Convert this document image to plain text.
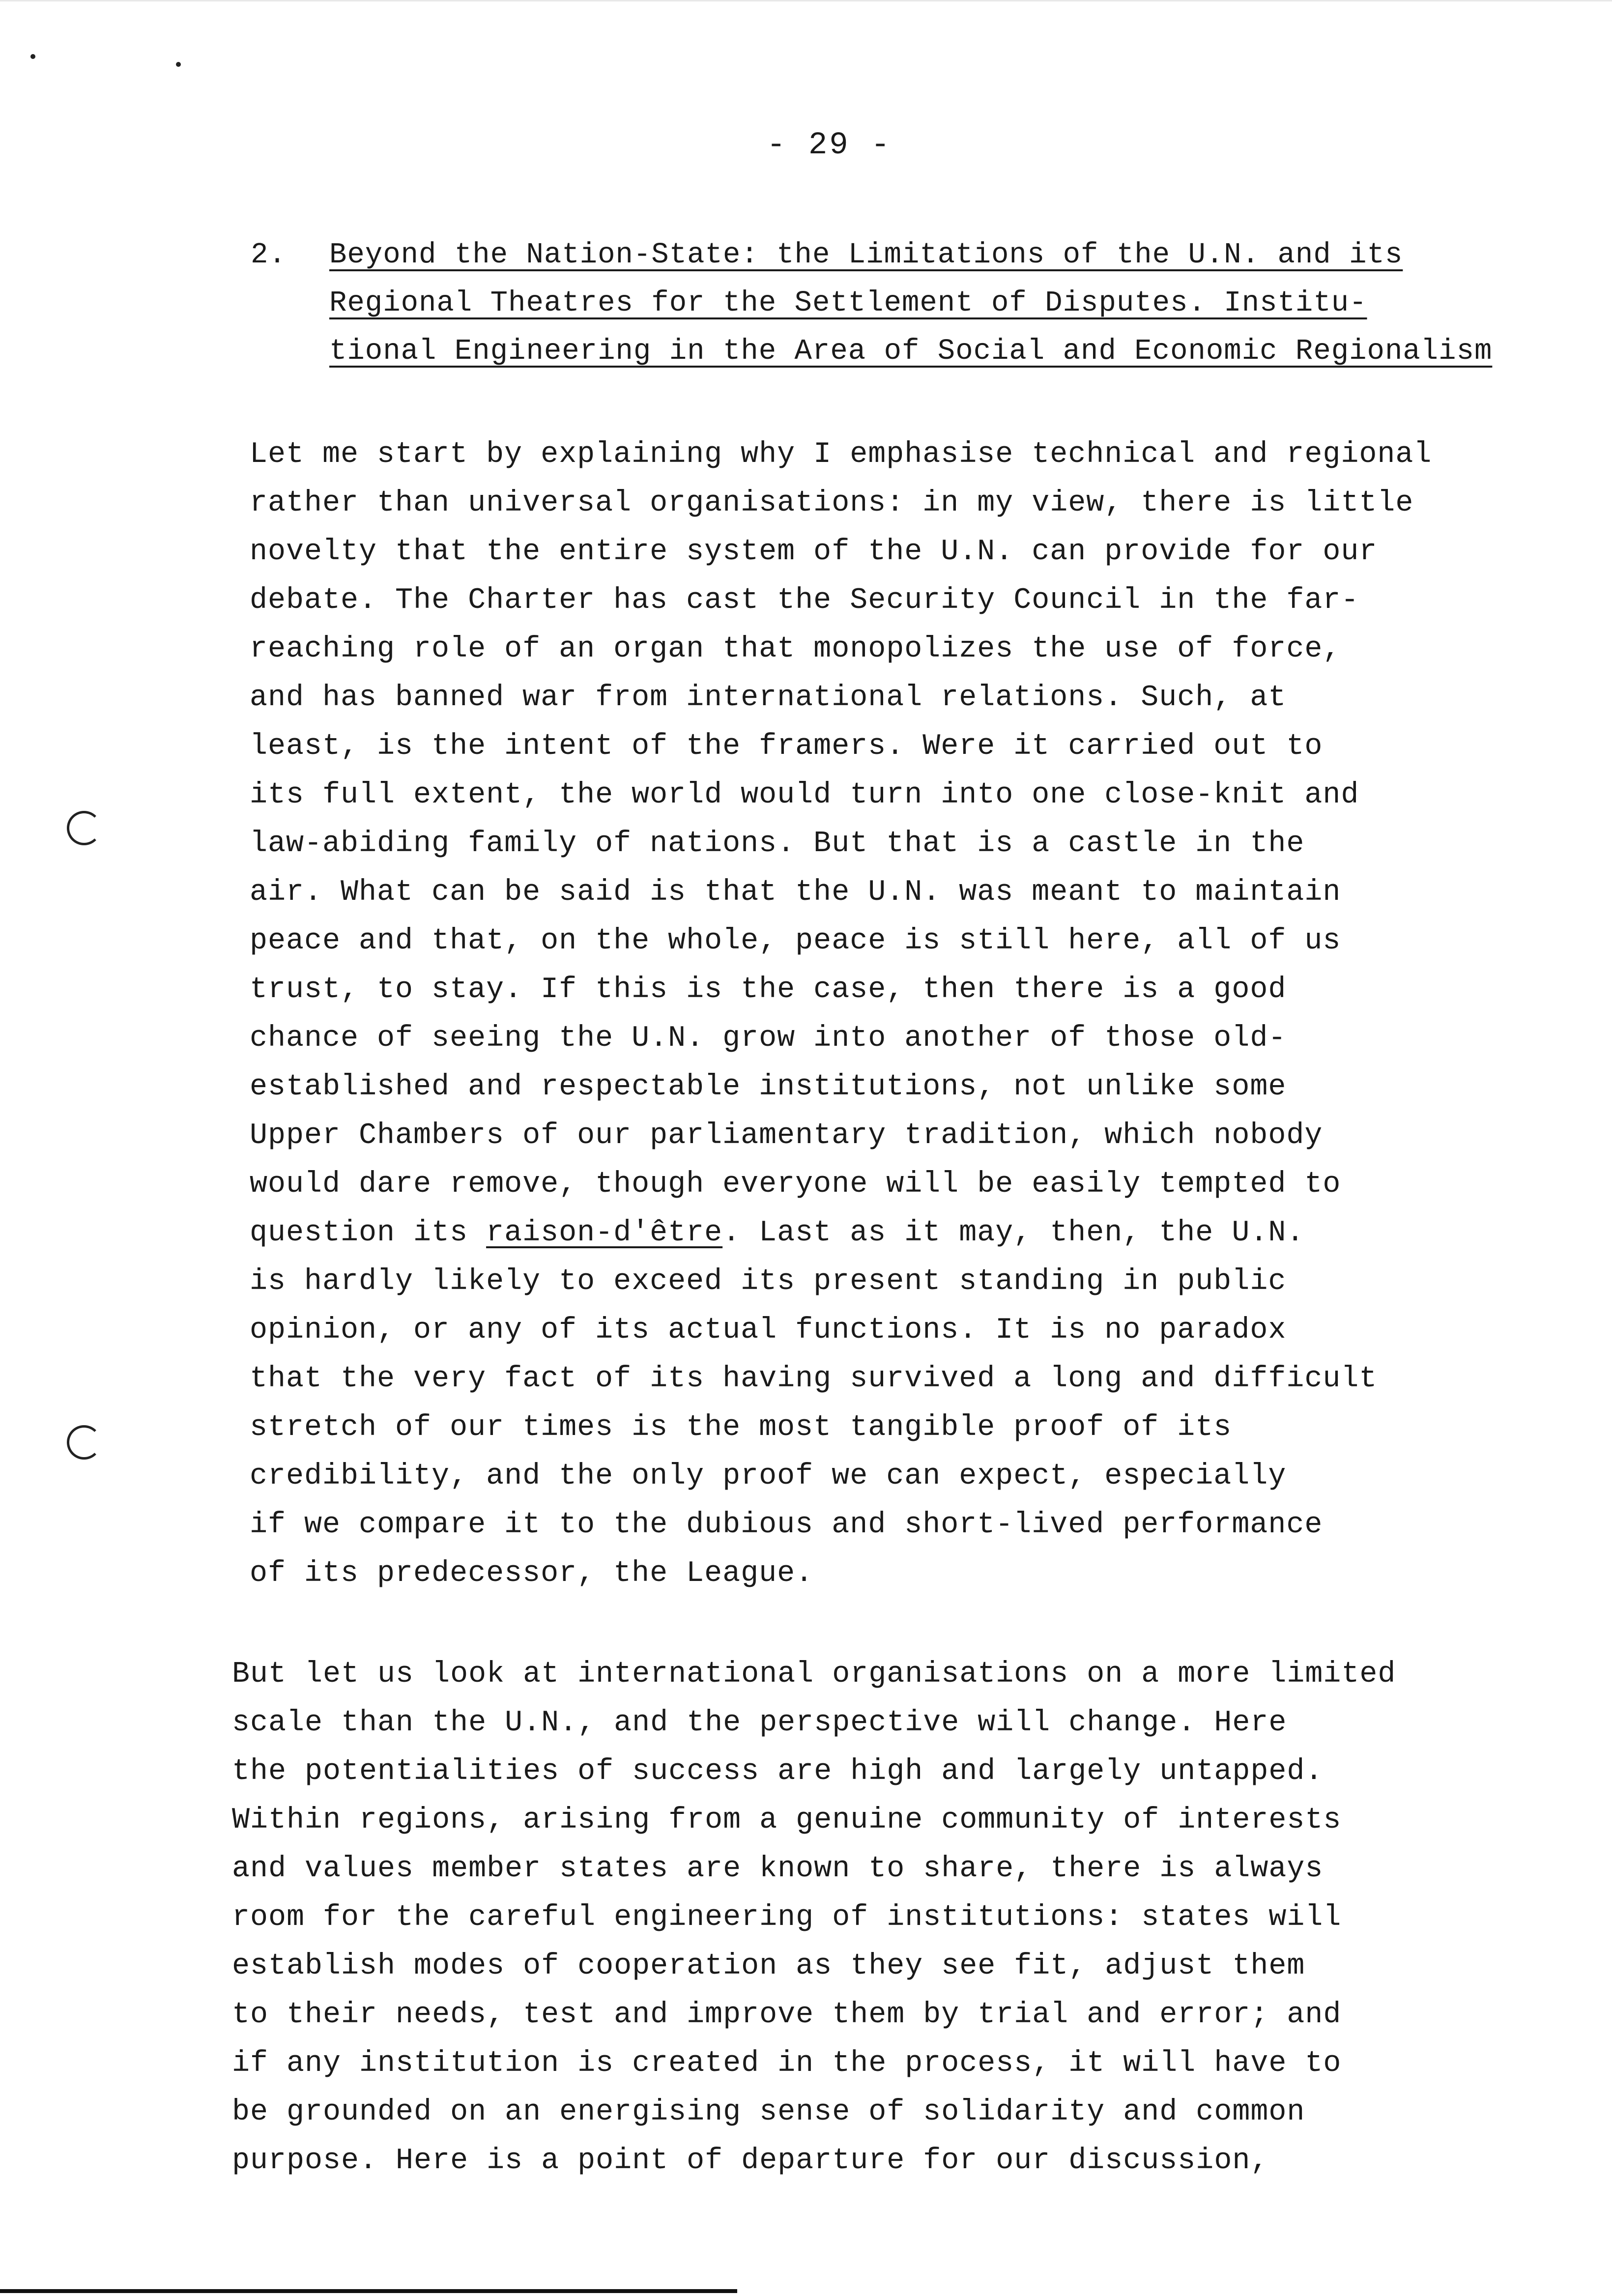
- 29 -
2. Beyond the Nation-State: the Limitations of the U.N. and its
Regional Theatres for the Settlement of Disputes. Institu-
tional Engineering in the Area of Social and Economic Regionalism
Let me start by explaining why I emphasise technical and regional
rather than universal organisations: in my view, there is little
novelty that the entire system of the U.N. can provide for our
debate. The Charter has cast the Security Council in the far-
reaching role of an organ that monopolizes the use of force,
and has banned war from international relations. Such, at
least, is the intent of the framers. Were it carried out to
its full extent, the world would turn into one close-knit and
law-abiding family of nations. But that is a castle in the
air. What can be said is that the U.N. was meant to maintain
peace and that, on the whole, peace is still here, all of us
trust, to stay. If this is the case, then there is a good
chance of seeing the U.N. grow into another of those old-
established and respectable institutions, not unlike some
Upper Chambers of our parliamentary tradition, which nobody
would dare remove, though everyone will be easily tempted to
question its raison-d'être. Last as it may, then, the U.N.
is hardly likely to exceed its present standing in public
opinion, or any of its actual functions. It is no paradox
that the very fact of its having survived a long and difficult
stretch of our times is the most tangible proof of its
credibility, and the only proof we can expect, especially
if we compare it to the dubious and short-lived performance
of its predecessor, the League.
But let us look at international organisations on a more limited
scale than the U.N., and the perspective will change. Here
the potentialities of success are high and largely untapped.
Within regions, arising from a genuine community of interests
and values member states are known to share, there is always
room for the careful engineering of institutions: states will
establish modes of cooperation as they see fit, adjust them
to their needs, test and improve them by trial and error; and
if any institution is created in the process, it will have to
be grounded on an energising sense of solidarity and common
purpose. Here is a point of departure for our discussion,
